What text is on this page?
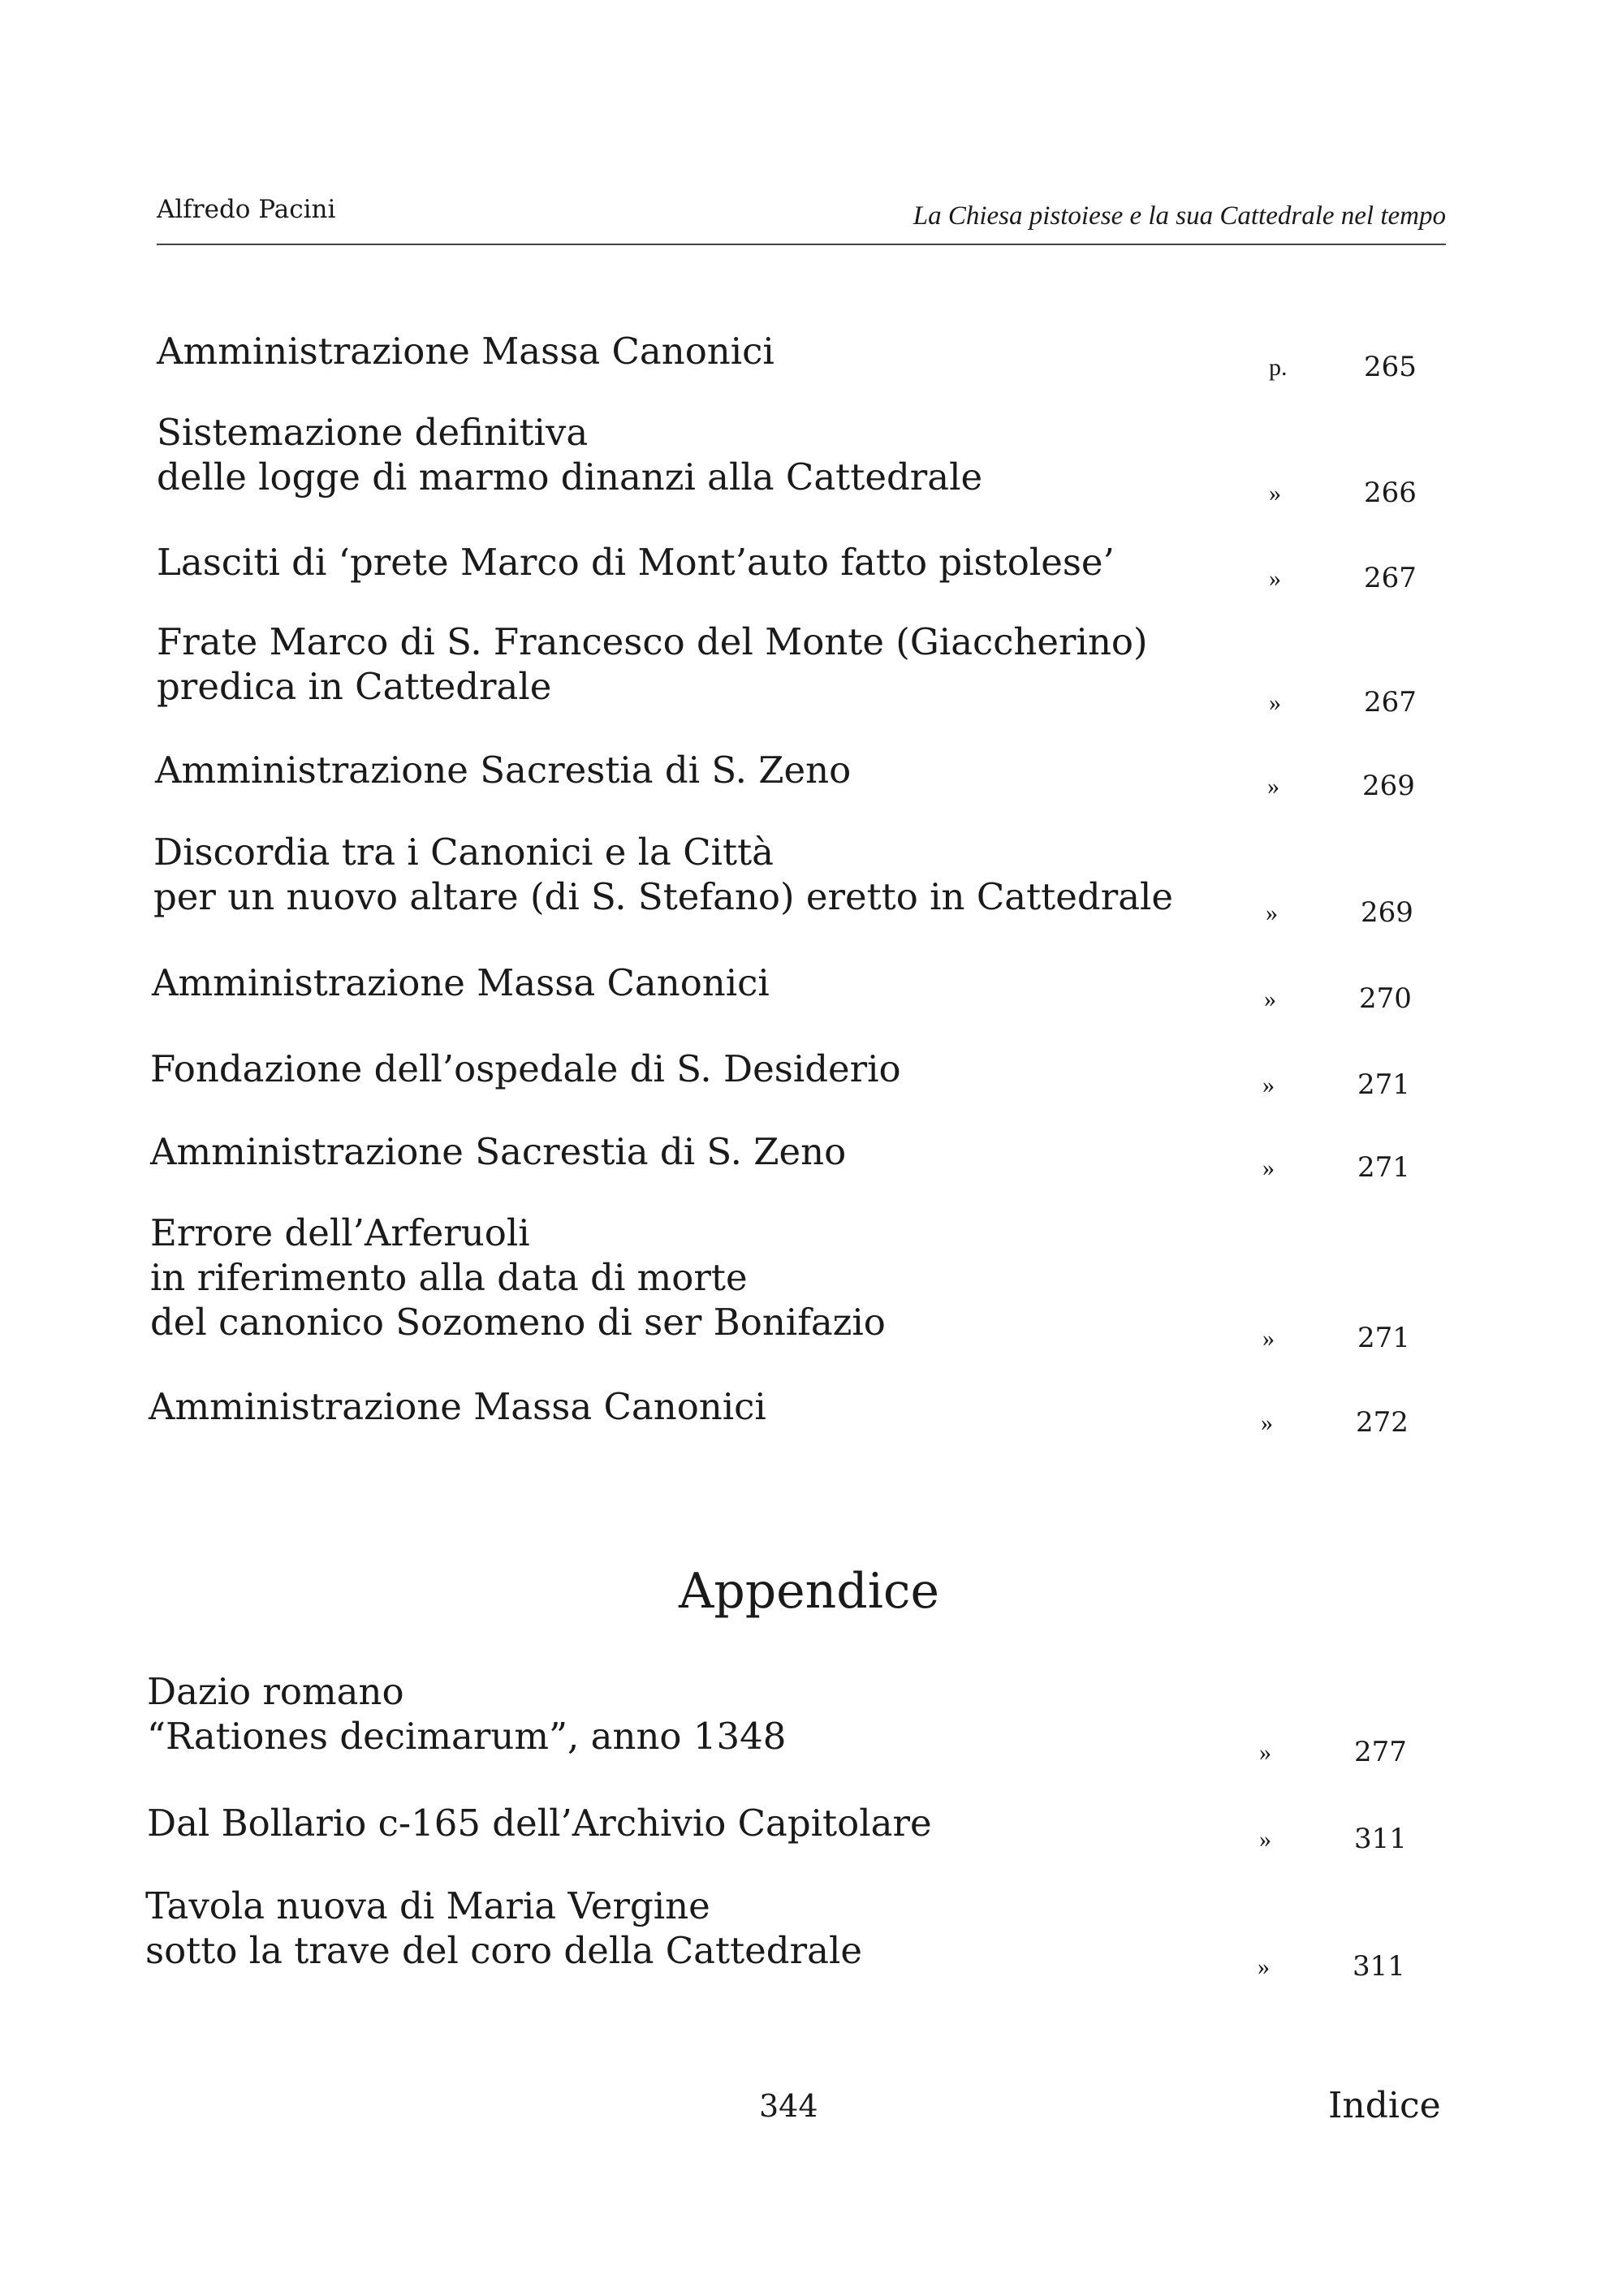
Alfredo Pacini	La Chiesa pistoiese e la sua Cattedrale nel tempo
Amministrazione Massa Canonici	p.	265
Sistemazione definitiva
delle logge di marmo dinanzi alla Cattedrale	»	266
Lasciti di ‘prete Marco di Mont’auto fatto pistolese’	»	267
Frate Marco di S. Francesco del Monte (Giaccherino)
predica in Cattedrale	»	267
Amministrazione Sacrestia di S. Zeno	»	269
Discordia tra i Canonici e la Città
per un nuovo altare (di S. Stefano) eretto in Cattedrale	»	269
Amministrazione Massa Canonici	»	270
Fondazione dell’ospedale di S. Desiderio	»	271
Amministrazione Sacrestia di S. Zeno	»	271
Errore dell’Arferuoli
in riferimento alla data di morte
del canonico Sozomeno di ser Bonifazio	»	271
Amministrazione Massa Canonici	»	272
Appendice
Dazio romano
“Rationes decimarum”, anno 1348	»	277
Dal Bollario c-165 dell’Archivio Capitolare	»	311
Tavola nuova di Maria Vergine
sotto la trave del coro della Cattedrale	»	311
344	Indice
